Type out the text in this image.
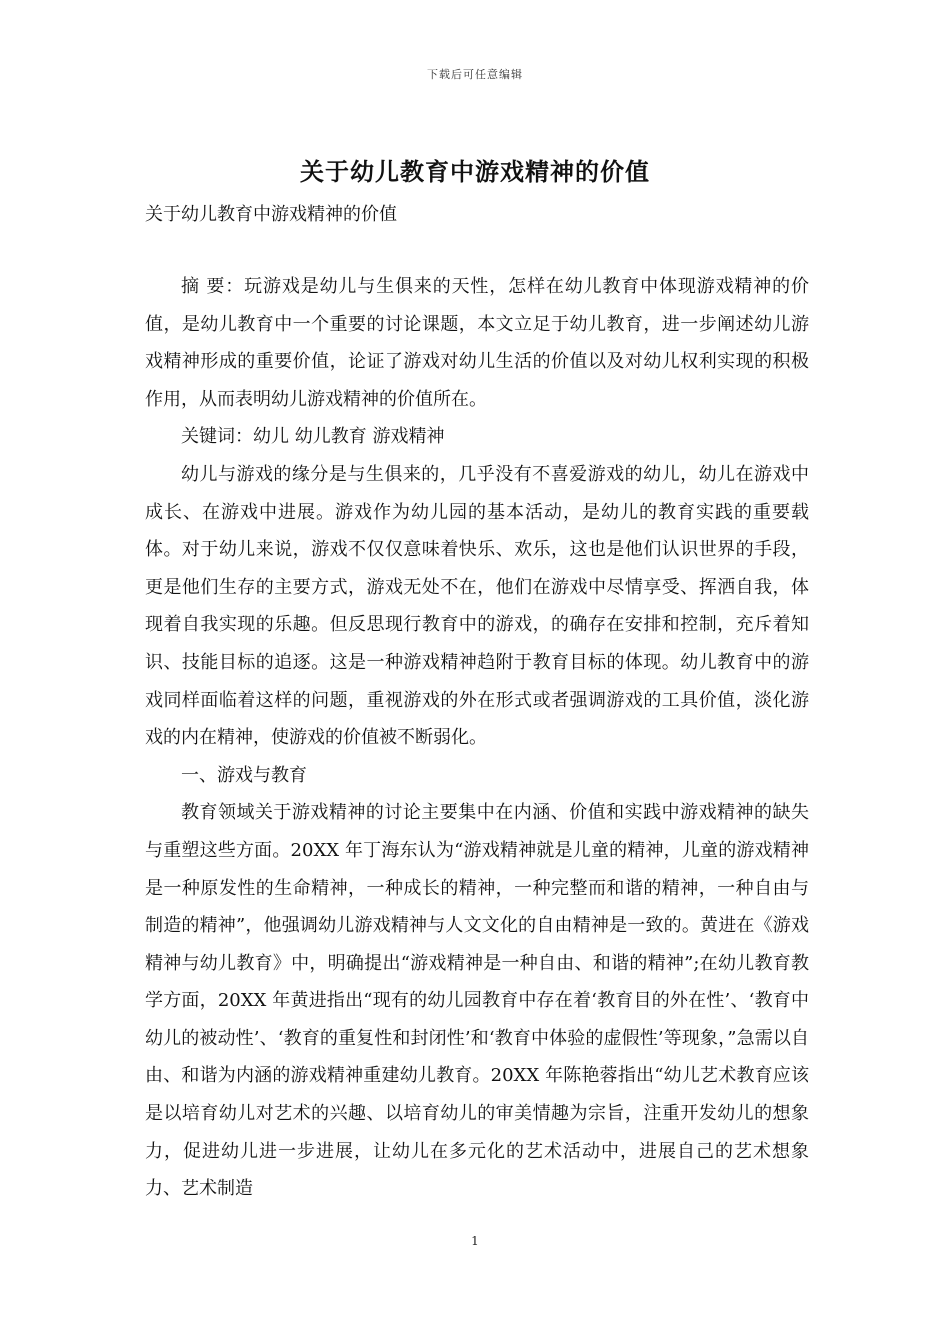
下载后可任意编辑
关于幼儿教育中游戏精神的价值
关于幼儿教育中游戏精神的价值

摘 要：玩游戏是幼儿与生俱来的天性，怎样在幼儿教育中体现游戏精神的价值，是幼儿教育中一个重要的讨论课题，本文立足于幼儿教育，进一步阐述幼儿游戏精神形成的重要价值，论证了游戏对幼儿生活的价值以及对幼儿权利实现的积极作用，从而表明幼儿游戏精神的价值所在。

关键词：幼儿 幼儿教育 游戏精神

幼儿与游戏的缘分是与生俱来的，几乎没有不喜爱游戏的幼儿，幼儿在游戏中成长、在游戏中进展。游戏作为幼儿园的基本活动，是幼儿的教育实践的重要载体。对于幼儿来说，游戏不仅仅意味着快乐、欢乐，这也是他们认识世界的手段，更是他们生存的主要方式，游戏无处不在，他们在游戏中尽情享受、挥洒自我，体现着自我实现的乐趣。但反思现行教育中的游戏，的确存在安排和控制，充斥着知识、技能目标的追逐。这是一种游戏精神趋附于教育目标的体现。幼儿教育中的游戏同样面临着这样的问题，重视游戏的外在形式或者强调游戏的工具价值，淡化游戏的内在精神，使游戏的价值被不断弱化。

一、游戏与教育

教育领域关于游戏精神的讨论主要集中在内涵、价值和实践中游戏精神的缺失与重塑这些方面。20XX 年丁海东认为“游戏精神就是儿童的精神，儿童的游戏精神是一种原发性的生命精神，一种成长的精神，一种完整而和谐的精神，一种自由与制造的精神”，他强调幼儿游戏精神与人文文化的自由精神是一致的。黄进在《游戏精神与幼儿教育》中，明确提出“游戏精神是一种自由、和谐的精神”;在幼儿教育教学方面，20XX 年黄进指出“现有的幼儿园教育中存在着‘教育目的外在性’、‘教育中幼儿的被动性’、‘教育的重复性和封闭性’和‘教育中体验的虚假性’等现象，”急需以自由、和谐为内涵的游戏精神重建幼儿教育。20XX 年陈艳蓉指出“幼儿艺术教育应该是以培育幼儿对艺术的兴趣、以培育幼儿的审美情趣为宗旨，注重开发幼儿的想象力，促进幼儿进一步进展，让幼儿在多元化的艺术活动中，进展自己的艺术想象力、艺术制造

1
